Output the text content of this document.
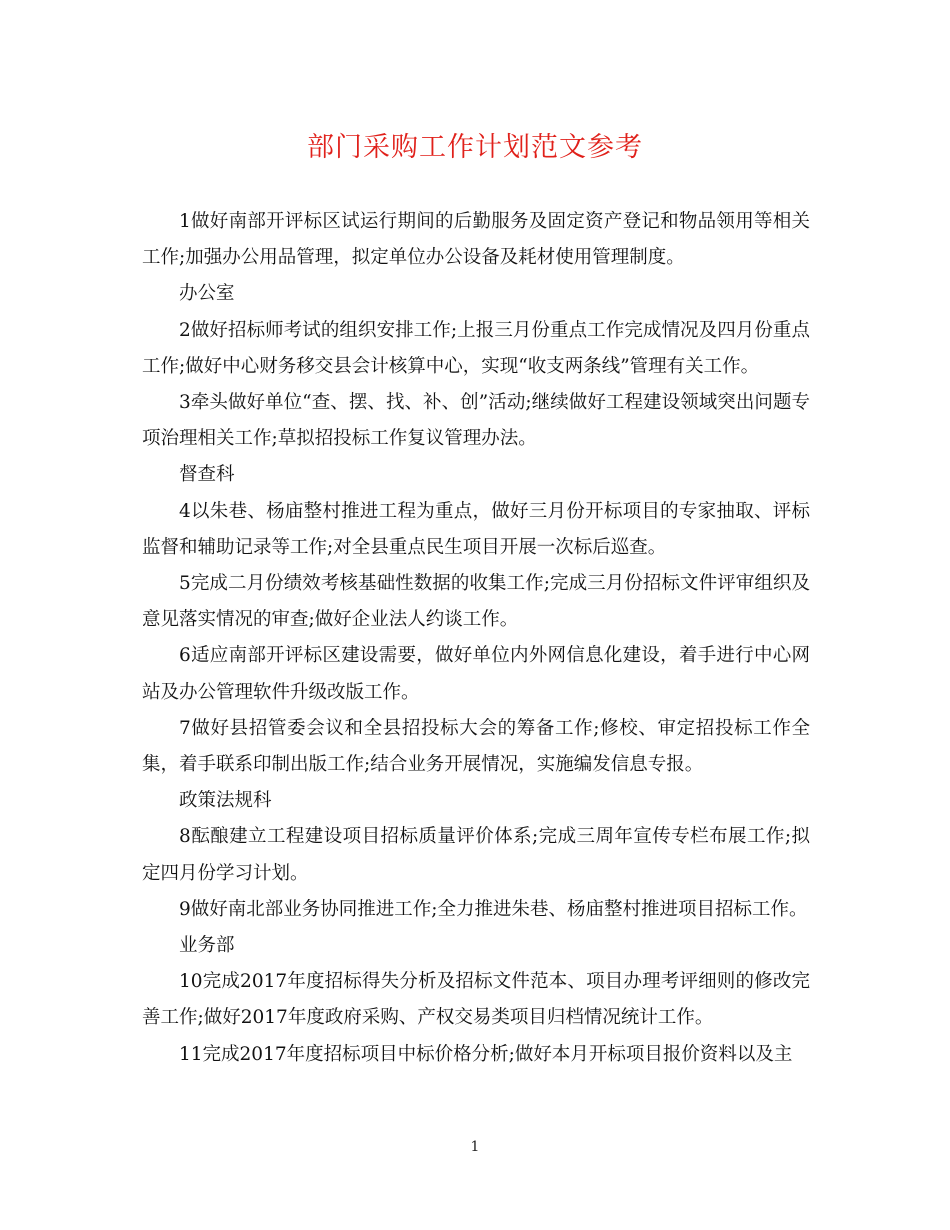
部门采购工作计划范文参考

1做好南部开评标区试运行期间的后勤服务及固定资产登记和物品领用等相关工作;加强办公用品管理，拟定单位办公设备及耗材使用管理制度。

办公室

2做好招标师考试的组织安排工作;上报三月份重点工作完成情况及四月份重点工作;做好中心财务移交县会计核算中心，实现“收支两条线”管理有关工作。

3牵头做好单位“查、摆、找、补、创”活动;继续做好工程建设领域突出问题专项治理相关工作;草拟招投标工作复议管理办法。

督查科

4以朱巷、杨庙整村推进工程为重点，做好三月份开标项目的专家抽取、评标监督和辅助记录等工作;对全县重点民生项目开展一次标后巡查。

5完成二月份绩效考核基础性数据的收集工作;完成三月份招标文件评审组织及意见落实情况的审查;做好企业法人约谈工作。

6适应南部开评标区建设需要，做好单位内外网信息化建设，着手进行中心网站及办公管理软件升级改版工作。

7做好县招管委会议和全县招投标大会的筹备工作;修校、审定招投标工作全集，着手联系印制出版工作;结合业务开展情况，实施编发信息专报。

政策法规科

8酝酿建立工程建设项目招标质量评价体系;完成三周年宣传专栏布展工作;拟定四月份学习计划。

9做好南北部业务协同推进工作;全力推进朱巷、杨庙整村推进项目招标工作。

业务部

10完成2017年度招标得失分析及招标文件范本、项目办理考评细则的修改完善工作;做好2017年度政府采购、产权交易类项目归档情况统计工作。

11完成2017年度招标项目中标价格分析;做好本月开标项目报价资料以及主

1
